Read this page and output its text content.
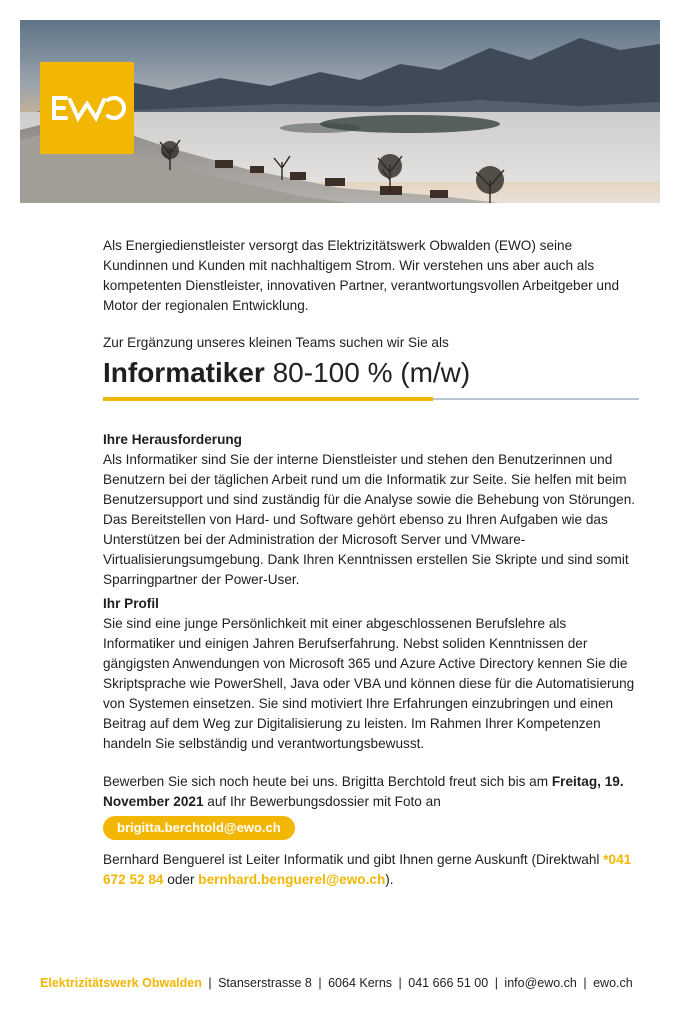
Als Energiedienstleister versorgt das Elektrizitätswerk Obwalden (EWO) seine Kundinnen und Kunden mit nachhaltigem Strom. Wir verstehen uns aber auch als kompetenten Dienstleister, innovativen Partner, verantwortungsvollen Arbeitgeber und Motor der regionalen Entwicklung.

Zur Ergänzung unseres kleinen Teams suchen wir Sie als

Informatiker 80-100 % (m/w)
Ihre Herausforderung

Als Informatiker sind Sie der interne Dienstleister und stehen den Benutzerinnen und Benutzern bei der täglichen Arbeit rund um die Informatik zur Seite. Sie helfen mit beim Benutzersupport und sind zuständig für die Analyse sowie die Behebung von Störungen. Das Bereitstellen von Hard- und Software gehört ebenso zu Ihren Aufgaben wie das Unterstützen bei der Administration der Microsoft Server und VMware-Virtualisierungsumgebung. Dank Ihren Kenntnissen erstellen Sie Skripte und sind somit Sparringpartner der Power-User.

Ihr Profil

Sie sind eine junge Persönlichkeit mit einer abgeschlossenen Berufslehre als Informatiker und einigen Jahren Berufserfahrung. Nebst soliden Kenntnissen der gängigsten Anwendungen von Microsoft 365 und Azure Active Directory kennen Sie die Skriptsprache wie PowerShell, Java oder VBA und können diese für die Automatisierung von Systemen einsetzen. Sie sind motiviert Ihre Erfahrungen einzubringen und einen Beitrag auf dem Weg zur Digitalisierung zu leisten. Im Rahmen Ihrer Kompetenzen handeln Sie selbständig und verantwortungsbewusst.

Bewerben Sie sich noch heute bei uns. Brigitta Berchtold freut sich bis am Freitag, 19. November 2021 auf Ihr Bewerbungsdossier mit Foto an

brigitta.berchtold@ewo.ch

Bernhard Benguerel ist Leiter Informatik und gibt Ihnen gerne Auskunft (Direktwahl *041 672 52 84 oder bernhard.benguerel@ewo.ch).

Elektrizitätswerk Obwalden | Stanserstrasse 8 | 6064 Kerns | 041 666 51 00 | info@ewo.ch | ewo.ch
